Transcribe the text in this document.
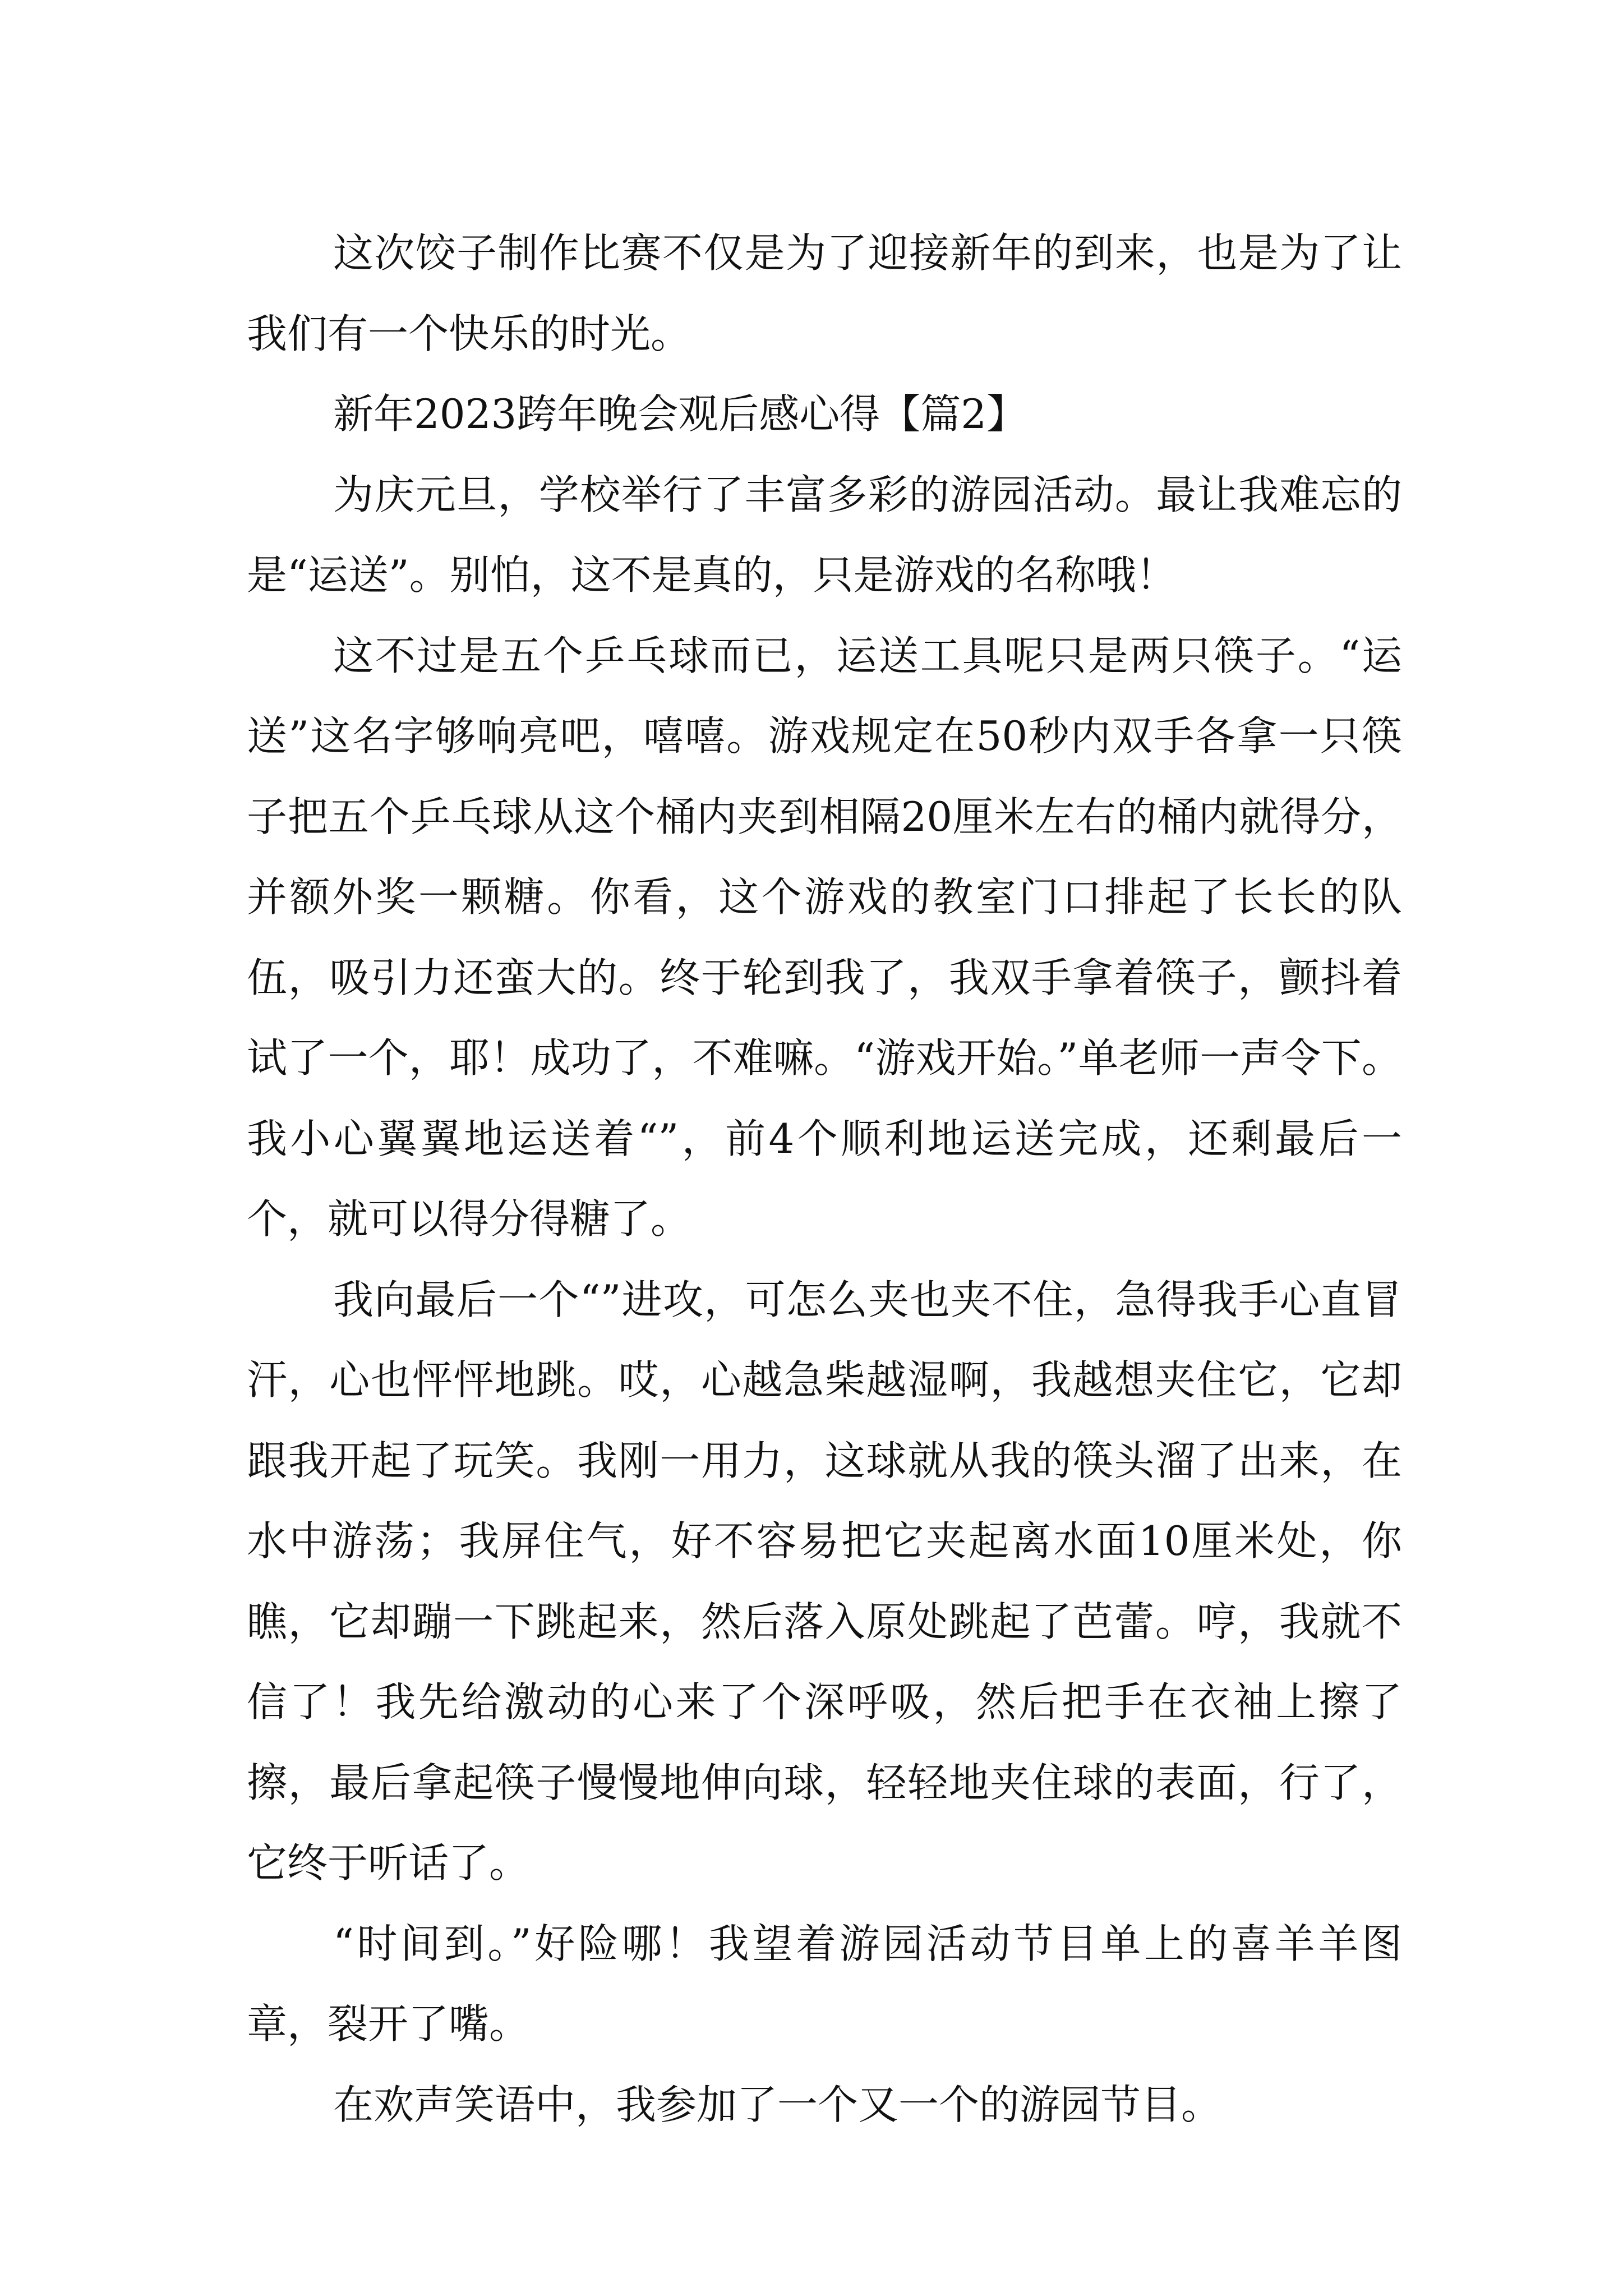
这次饺子制作比赛不仅是为了迎接新年的到来，也是为了让我们有一个快乐的时光。

新年2023跨年晚会观后感心得【篇2】

为庆元旦，学校举行了丰富多彩的游园活动。最让我难忘的是“运送”。别怕，这不是真的，只是游戏的名称哦！

这不过是五个乒乓球而已，运送工具呢只是两只筷子。“运送”这名字够响亮吧，嘻嘻。游戏规定在50秒内双手各拿一只筷子把五个乒乓球从这个桶内夹到相隔20厘米左右的桶内就得分，并额外奖一颗糖。你看，这个游戏的教室门口排起了长长的队伍，吸引力还蛮大的。终于轮到我了，我双手拿着筷子，颤抖着试了一个，耶！成功了，不难嘛。“游戏开始。”单老师一声令下。我小心翼翼地运送着“”，前4个顺利地运送完成，还剩最后一个，就可以得分得糖了。

我向最后一个“”进攻，可怎么夹也夹不住，急得我手心直冒汗，心也怦怦地跳。哎，心越急柴越湿啊，我越想夹住它，它却跟我开起了玩笑。我刚一用力，这球就从我的筷头溜了出来，在水中游荡；我屏住气，好不容易把它夹起离水面10厘米处，你瞧，它却蹦一下跳起来，然后落入原处跳起了芭蕾。哼，我就不信了！我先给激动的心来了个深呼吸，然后把手在衣袖上擦了擦，最后拿起筷子慢慢地伸向球，轻轻地夹住球的表面，行了，它终于听话了。

“时间到。”好险哪！我望着游园活动节目单上的喜羊羊图章，裂开了嘴。

在欢声笑语中，我参加了一个又一个的游园节目。
